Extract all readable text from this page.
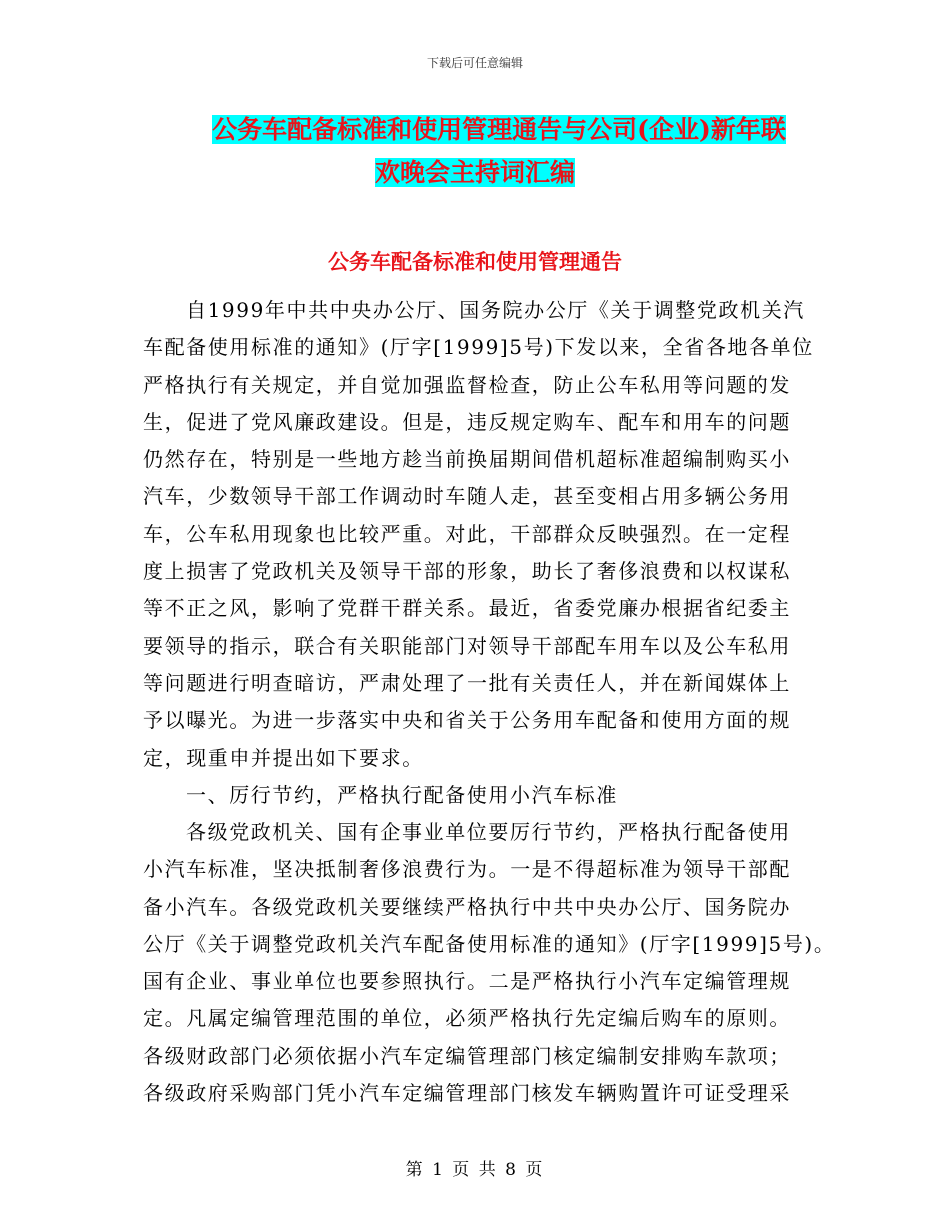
下载后可任意编辑
公务车配备标准和使用管理通告与公司(企业)新年联
欢晚会主持词汇编
公务车配备标准和使用管理通告
自1999年中共中央办公厅、国务院办公厅《关于调整党政机关汽
车配备使用标准的通知》(厅字[1999]5号)下发以来，全省各地各单位
严格执行有关规定，并自觉加强监督检查，防止公车私用等问题的发
生，促进了党风廉政建设。但是，违反规定购车、配车和用车的问题
仍然存在，特别是一些地方趁当前换届期间借机超标准超编制购买小
汽车，少数领导干部工作调动时车随人走，甚至变相占用多辆公务用
车，公车私用现象也比较严重。对此，干部群众反映强烈。在一定程
度上损害了党政机关及领导干部的形象，助长了奢侈浪费和以权谋私
等不正之风，影响了党群干群关系。最近，省委党廉办根据省纪委主
要领导的指示，联合有关职能部门对领导干部配车用车以及公车私用
等问题进行明查暗访，严肃处理了一批有关责任人，并在新闻媒体上
予以曝光。为进一步落实中央和省关于公务用车配备和使用方面的规
定，现重申并提出如下要求。
一、厉行节约，严格执行配备使用小汽车标准
各级党政机关、国有企事业单位要厉行节约，严格执行配备使用
小汽车标准，坚决抵制奢侈浪费行为。一是不得超标准为领导干部配
备小汽车。各级党政机关要继续严格执行中共中央办公厅、国务院办
公厅《关于调整党政机关汽车配备使用标准的通知》(厅字[1999]5号)。
国有企业、事业单位也要参照执行。二是严格执行小汽车定编管理规
定。凡属定编管理范围的单位，必须严格执行先定编后购车的原则。
各级财政部门必须依据小汽车定编管理部门核定编制安排购车款项；
各级政府采购部门凭小汽车定编管理部门核发车辆购置许可证受理采
第 1 页 共 8 页
